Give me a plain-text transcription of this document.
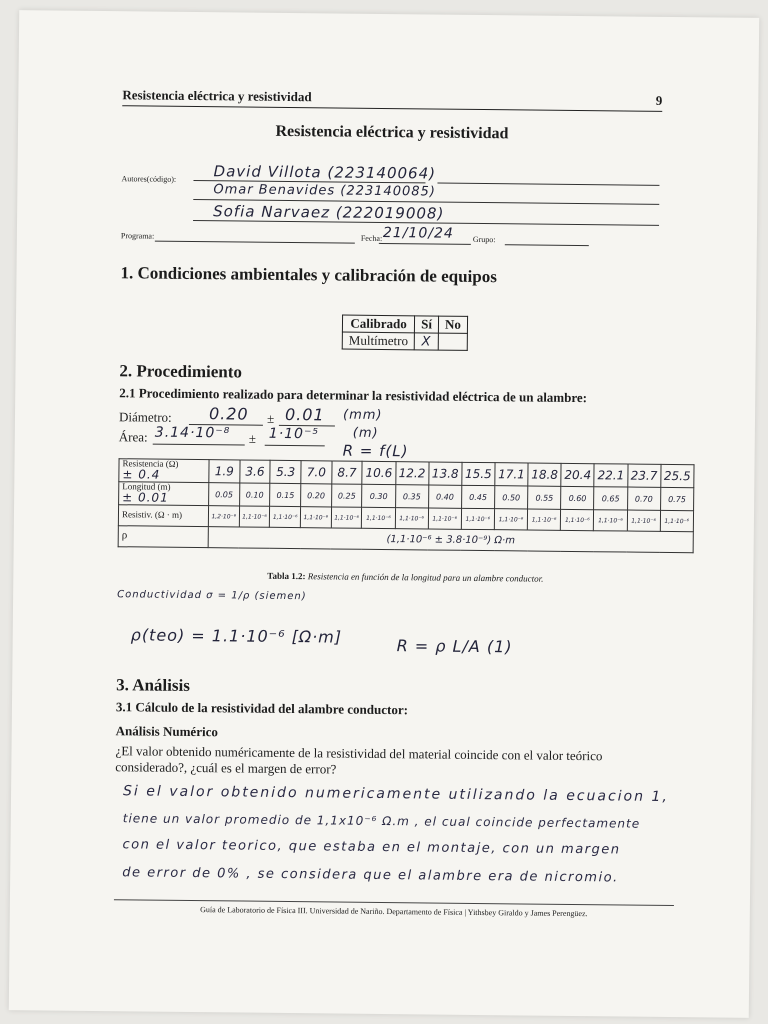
Resistencia eléctrica y resistividad	9
Resistencia eléctrica y resistividad
Autores(código): David Villota (223140064)
Omar Benavides (223140085)
Sofia Narvaez (222019008)
Programa:	Fecha: 21/10/24 Grupo:
1. Condiciones ambientales y calibración de equipos
Calibrado	Sí	No
Multímetro	X	
2. Procedimiento
2.1 Procedimiento realizado para determinar la resistividad eléctrica de un alambre:
Diámetro: 0.20 ± 0.01 (mm)
Área: 3.14·10⁻⁸ ± 1·10⁻⁵	(m)
R = f(L)
Resistencia (Ω)
± 0.4	1.9	3.6	5.3	7.0	8.7	10.6	12.2	13.8	15.5	17.1	18.8	20.4	22.1	23.7	25.5
Longitud (m)
± 0.01	0.05	0.10	0.15	0.20	0.25	0.30	0.35	0.40	0.45	0.50	0.55	0.60	0.65	0.70	0.75
Resistiv. (Ω · m)	1,2·10⁻⁶	1,1·10⁻⁶	1,1·10⁻⁶	1,1·10⁻⁶	1,1·10⁻⁶	1,1·10⁻⁶	1,1·10⁻⁶	1,1·10⁻⁶	1,1·10⁻⁶	1,1·10⁻⁶	1,1·10⁻⁶	1,1·10⁻⁶	1,1·10⁻⁶	1,1·10⁻⁶	1,1·10⁻⁶
ρ	(1,1·10⁻⁶ ± 3.8·10⁻⁹) Ω·m														
Tabla 1.2: Resistencia en función de la longitud para un alambre conductor.
Conductividad σ = 1/ρ (siemen)
ρ(teo) = 1.1·10⁻⁶ [Ω·m]	R = ρ L/A (1)
3. Análisis
3.1 Cálculo de la resistividad del alambre conductor:
Análisis Numérico
¿El valor obtenido numéricamente de la resistividad del material coincide con el valor teórico considerado?, ¿cuál es el margen de error?
Si el valor obtenido numericamente utilizando la ecuacion 1,
tiene un valor promedio de 1,1x10⁻⁶ Ω.m , el cual coincide perfectamente
con el valor teorico, que estaba en el montaje, con un margen
de error de 0% , se considera que el alambre era de nicromio.
Guía de Laboratorio de Física III. Universidad de Nariño. Departamento de Física | Yithsbey Giraldo y James Perengüez.
